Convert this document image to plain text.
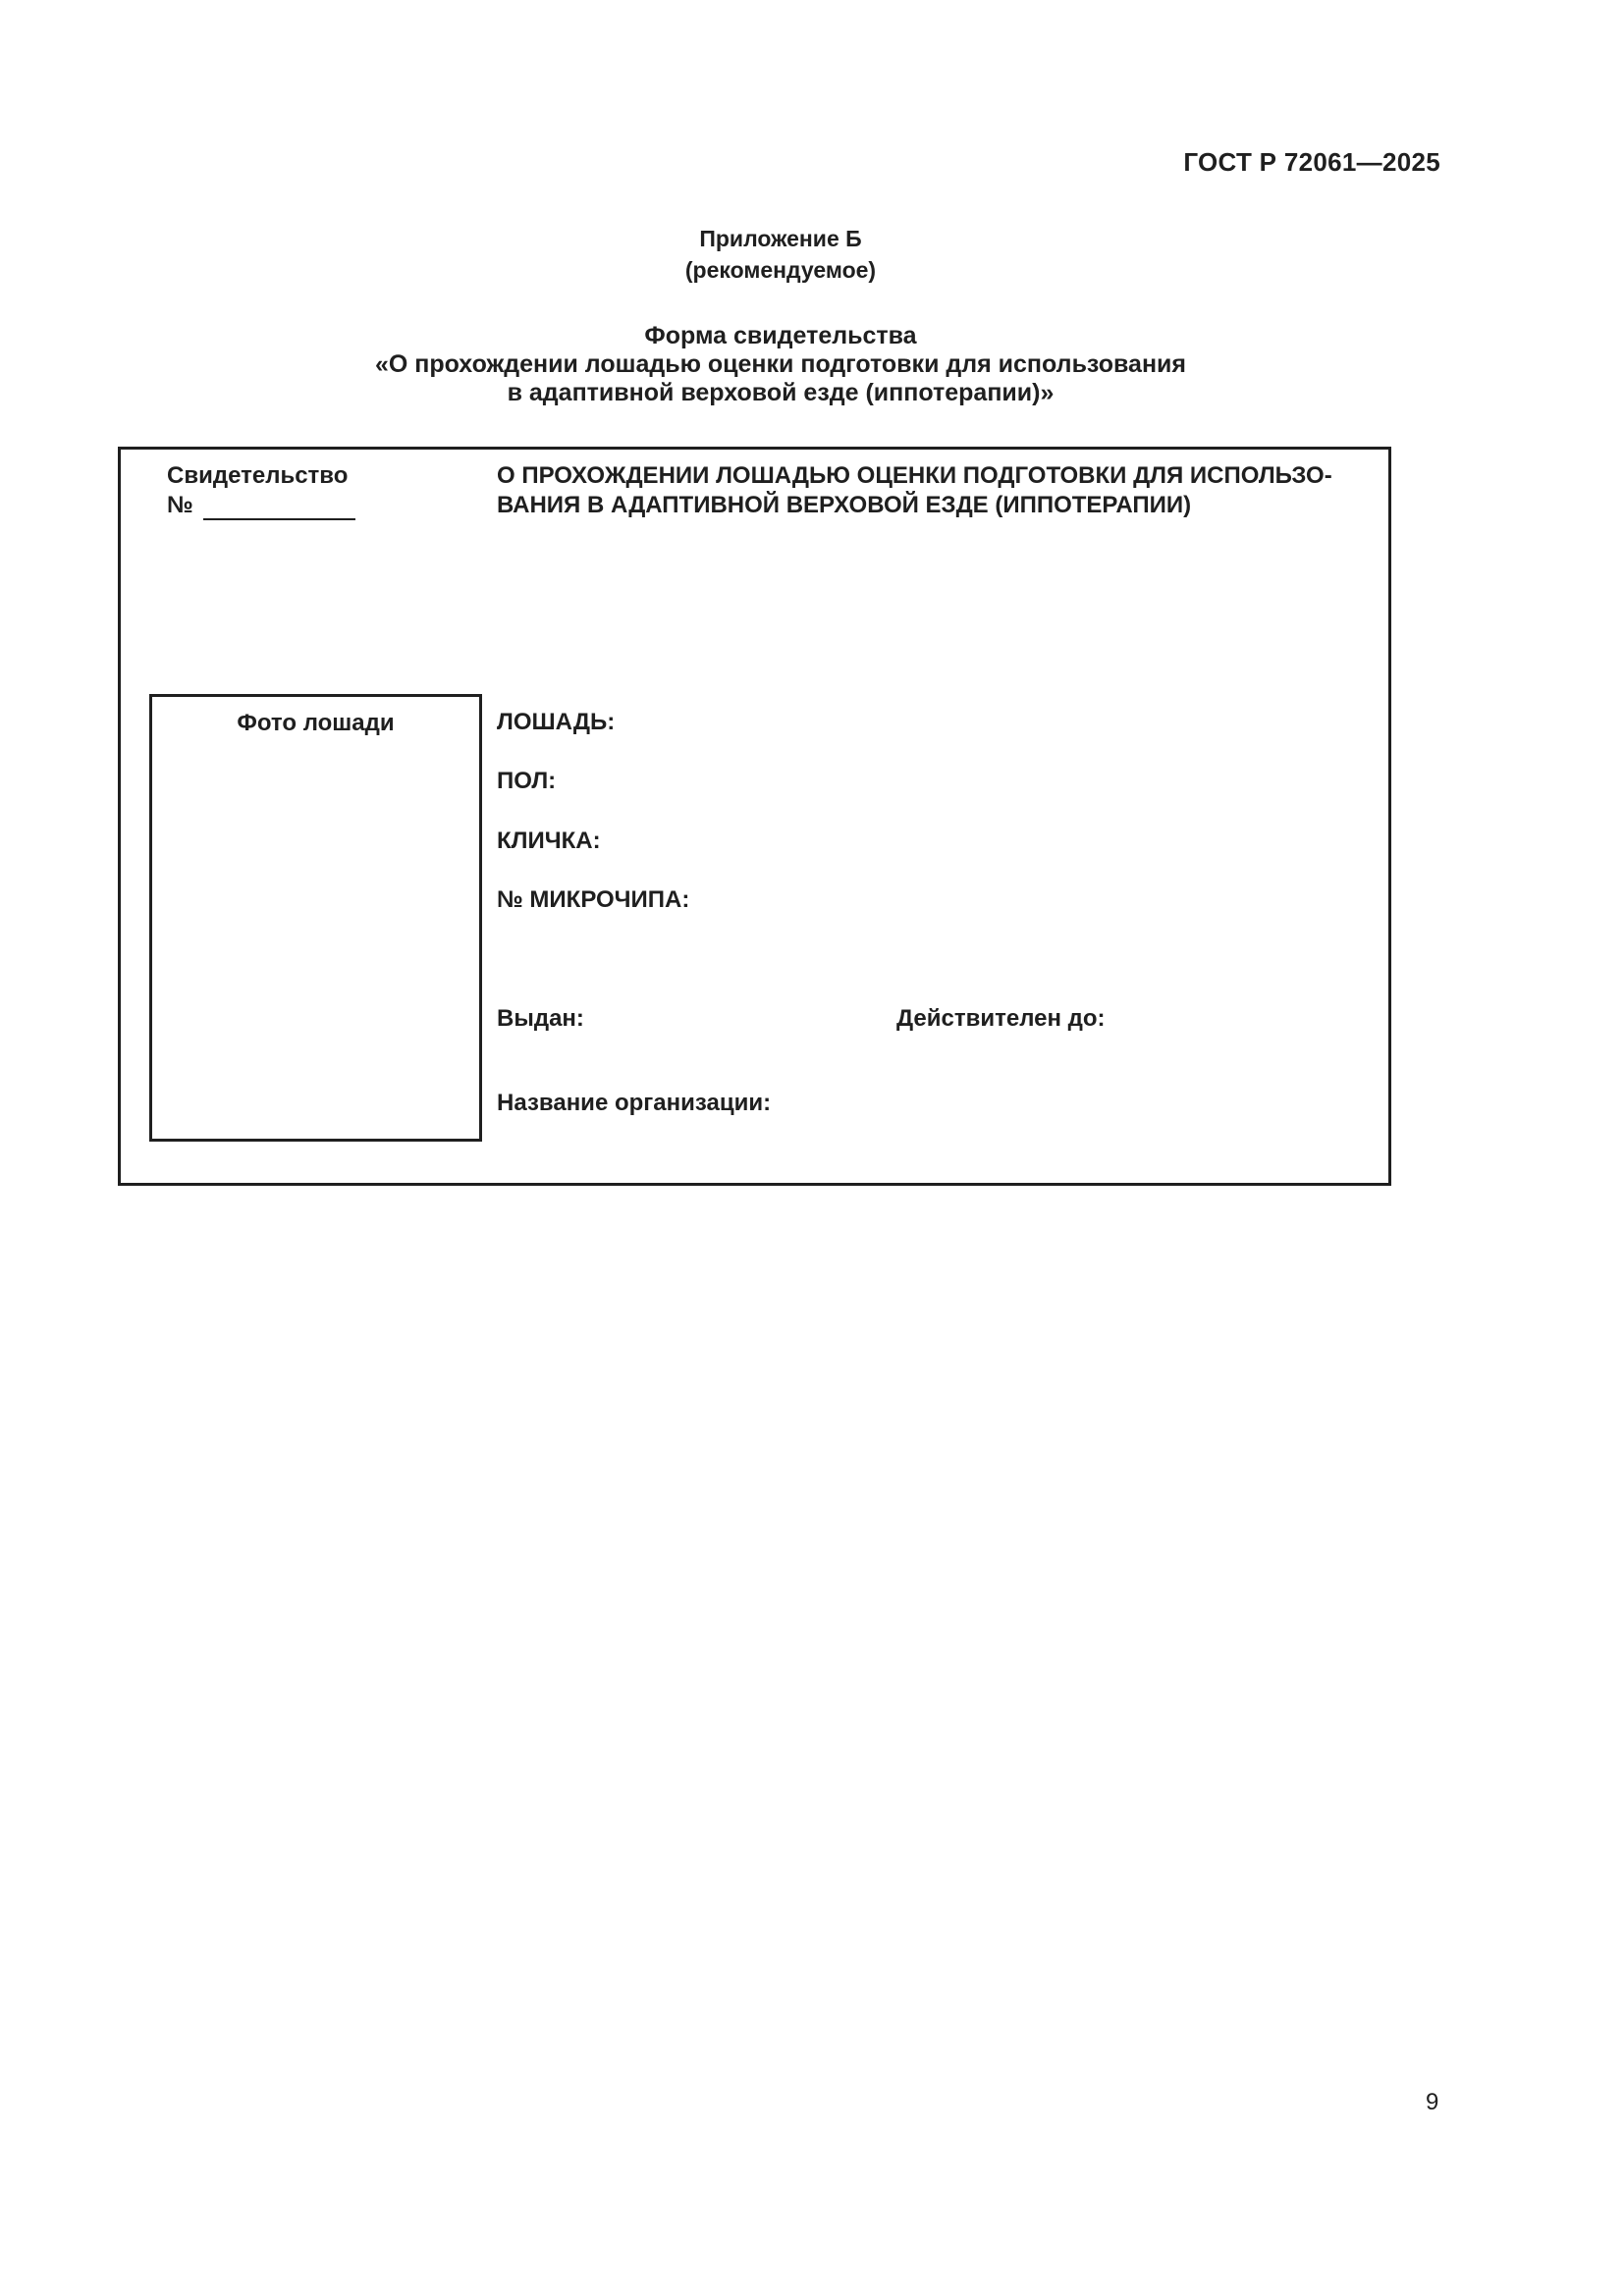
ГОСТ Р 72061—2025
Приложение Б
(рекомендуемое)
Форма свидетельства
«О прохождении лошадью оценки подготовки для использования
в адаптивной верховой езде (иппотерапии)»
Свидетельство
№
О ПРОХОЖДЕНИИ ЛОШАДЬЮ ОЦЕНКИ ПОДГОТОВКИ ДЛЯ ИСПОЛЬЗО-ВАНИЯ В АДАПТИВНОЙ ВЕРХОВОЙ ЕЗДЕ (ИППОТЕРАПИИ)
Фото лошади	ЛОШАДЬ:
ПОЛ:
КЛИЧКА:
№ МИКРОЧИПА:
Выдан:	Действителен до:
Название организации:
9
